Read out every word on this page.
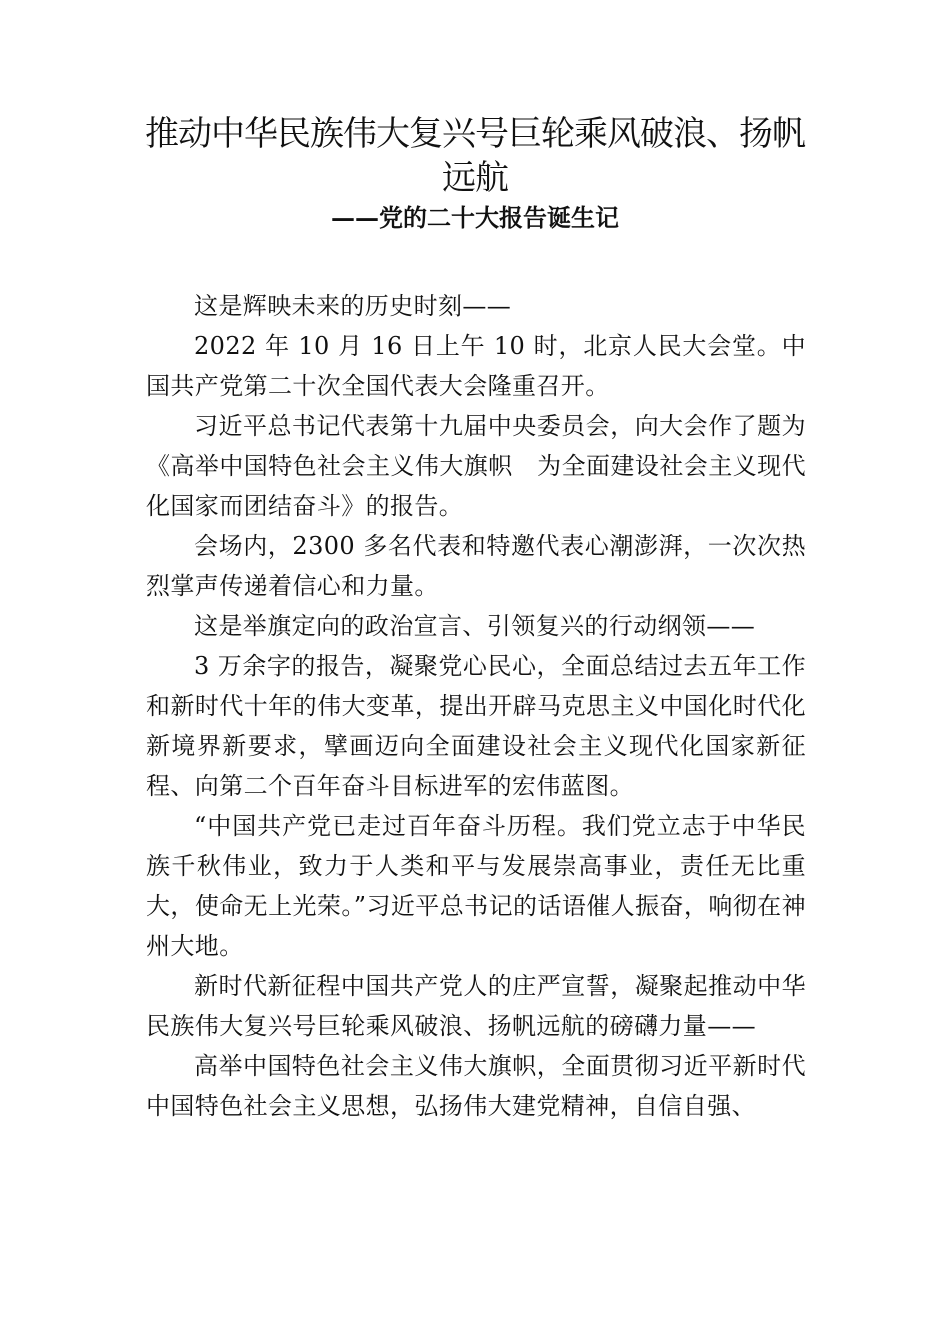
推动中华民族伟大复兴号巨轮乘风破浪、扬帆远航
——党的二十大报告诞生记

这是辉映未来的历史时刻——

2022 年 10 月 16 日上午 10 时，北京人民大会堂。中国共产党第二十次全国代表大会隆重召开。

习近平总书记代表第十九届中央委员会，向大会作了题为《高举中国特色社会主义伟大旗帜　为全面建设社会主义现代化国家而团结奋斗》的报告。

会场内，2300 多名代表和特邀代表心潮澎湃，一次次热烈掌声传递着信心和力量。

这是举旗定向的政治宣言、引领复兴的行动纲领——

3 万余字的报告，凝聚党心民心，全面总结过去五年工作和新时代十年的伟大变革，提出开辟马克思主义中国化时代化新境界新要求，擘画迈向全面建设社会主义现代化国家新征程、向第二个百年奋斗目标进军的宏伟蓝图。

“中国共产党已走过百年奋斗历程。我们党立志于中华民族千秋伟业，致力于人类和平与发展崇高事业，责任无比重大，使命无上光荣。”习近平总书记的话语催人振奋，响彻在神州大地。

新时代新征程中国共产党人的庄严宣誓，凝聚起推动中华民族伟大复兴号巨轮乘风破浪、扬帆远航的磅礴力量——

高举中国特色社会主义伟大旗帜，全面贯彻习近平新时代中国特色社会主义思想，弘扬伟大建党精神，自信自强、
